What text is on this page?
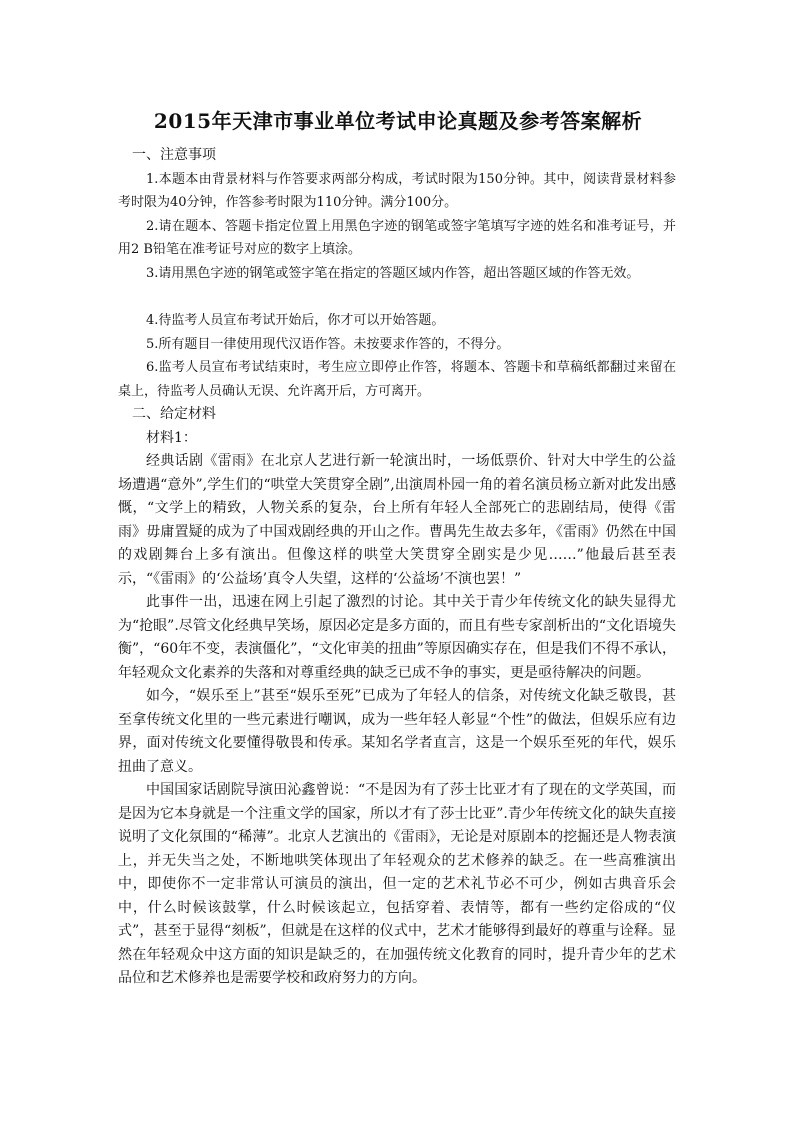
2015年天津市事业单位考试申论真题及参考答案解析

一、注意事项

1.本题本由背景材料与作答要求两部分构成，考试时限为150分钟。其中，阅读背景材料参考时限为40分钟，作答参考时限为110分钟。满分100分。

2.请在题本、答题卡指定位置上用黑色字迹的钢笔或签字笔填写字迹的姓名和准考证号，并用2 B铅笔在准考证号对应的数字上填涂。

3.请用黑色字迹的钢笔或签字笔在指定的答题区域内作答，超出答题区域的作答无效。

4.待监考人员宣布考试开始后，你才可以开始答题。

5.所有题目一律使用现代汉语作答。未按要求作答的，不得分。

6.监考人员宣布考试结束时，考生应立即停止作答，将题本、答题卡和草稿纸都翻过来留在桌上，待监考人员确认无误、允许离开后，方可离开。

二、给定材料

材料1：

经典话剧《雷雨》在北京人艺进行新一轮演出时，一场低票价、针对大中学生的公益场遭遇“意外”,学生们的“哄堂大笑贯穿全剧”,出演周朴园一角的着名演员杨立新对此发出感慨，“文学上的精致，人物关系的复杂，台上所有年轻人全部死亡的悲剧结局，使得《雷雨》毋庸置疑的成为了中国戏剧经典的开山之作。曹禺先生故去多年，《雷雨》仍然在中国的戏剧舞台上多有演出。但像这样的哄堂大笑贯穿全剧实是少见……”他最后甚至表示，“《雷雨》的‘公益场’真令人失望，这样的‘公益场’不演也罢！”

此事件一出，迅速在网上引起了激烈的讨论。其中关于青少年传统文化的缺失显得尤为“抢眼”.尽管文化经典早笑场，原因必定是多方面的，而且有些专家剖析出的“文化语境失衡”，“60年不变，表演僵化”，“文化审美的扭曲”等原因确实存在，但是我们不得不承认，年轻观众文化素养的失落和对尊重经典的缺乏已成不争的事实，更是亟待解决的问题。

如今，“娱乐至上”甚至“娱乐至死”已成为了年轻人的信条，对传统文化缺乏敬畏，甚至拿传统文化里的一些元素进行嘲讽，成为一些年轻人彰显“个性”的做法，但娱乐应有边界，面对传统文化要懂得敬畏和传承。某知名学者直言，这是一个娱乐至死的年代，娱乐扭曲了意义。

中国国家话剧院导演田沁鑫曾说：“不是因为有了莎士比亚才有了现在的文学英国，而是因为它本身就是一个注重文学的国家，所以才有了莎士比亚”.青少年传统文化的缺失直接说明了文化氛围的“稀薄”。北京人艺演出的《雷雨》，无论是对原剧本的挖掘还是人物表演上，并无失当之处，不断地哄笑体现出了年轻观众的艺术修养的缺乏。在一些高雅演出中，即使你不一定非常认可演员的演出，但一定的艺术礼节必不可少，例如古典音乐会中，什么时候该鼓掌，什么时候该起立，包括穿着、表情等，都有一些约定俗成的“仪式”，甚至于显得“刻板”，但就是在这样的仪式中，艺术才能够得到最好的尊重与诠释。显然在年轻观众中这方面的知识是缺乏的，在加强传统文化教育的同时，提升青少年的艺术品位和艺术修养也是需要学校和政府努力的方向。
